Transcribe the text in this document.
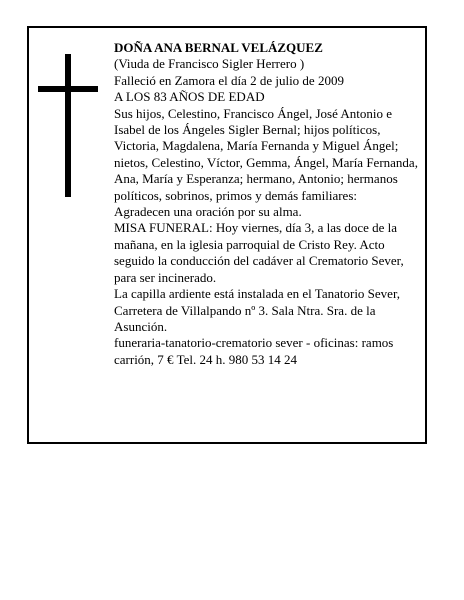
DOÑA ANA BERNAL VELÁZQUEZ

(Viuda de Francisco Sigler Herrero )

Falleció en Zamora el día 2 de julio de 2009

A LOS 83 AÑOS DE EDAD

Sus hijos, Celestino, Francisco Ángel, José Antonio e Isabel de los Ángeles Sigler Bernal; hijos políticos, Victoria, Magdalena, María Fernanda y Miguel Ángel; nietos, Celestino, Víctor, Gemma, Ángel, María Fernanda, Ana, María y Esperanza; hermano, Antonio; hermanos políticos, sobrinos, primos y demás familiares:

Agradecen una oración por su alma.

MISA FUNERAL: Hoy viernes, día 3, a las doce de la mañana, en la iglesia parroquial de Cristo Rey. Acto seguido la conducción del cadáver al Crematorio Sever, para ser incinerado.

La capilla ardiente está instalada en el Tanatorio Sever, Carretera de Villalpando nº 3. Sala Ntra. Sra. de la Asunción.

funeraria-tanatorio-crematorio sever - oficinas: ramos carrión, 7 € Tel. 24 h. 980 53 14 24
